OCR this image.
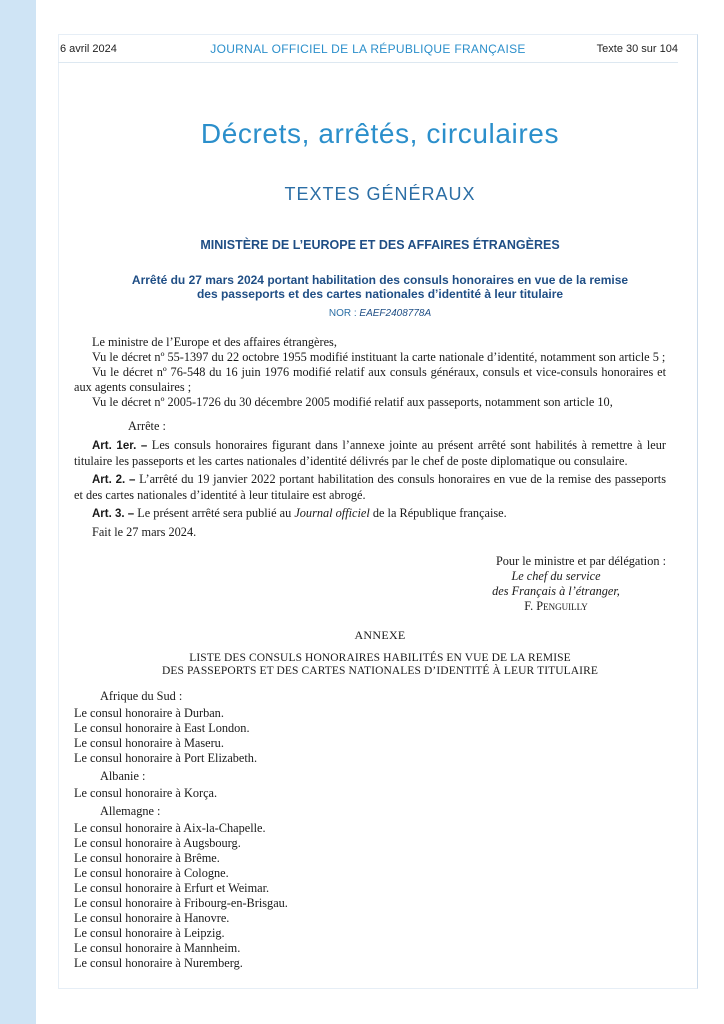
6 avril 2024	JOURNAL OFFICIEL DE LA RÉPUBLIQUE FRANÇAISE	Texte 30 sur 104
Décrets, arrêtés, circulaires
TEXTES GÉNÉRAUX
MINISTÈRE DE L’EUROPE ET DES AFFAIRES ÉTRANGÈRES
Arrêté du 27 mars 2024 portant habilitation des consuls honoraires en vue de la remise
des passeports et des cartes nationales d’identité à leur titulaire
NOR : EAEF2408778A

Le ministre de l’Europe et des affaires étrangères,

Vu le décret nº 55-1397 du 22 octobre 1955 modifié instituant la carte nationale d’identité, notamment son article 5 ;

Vu le décret nº 76-548 du 16 juin 1976 modifié relatif aux consuls généraux, consuls et vice-consuls honoraires et aux agents consulaires ;

Vu le décret nº 2005-1726 du 30 décembre 2005 modifié relatif aux passeports, notamment son article 10,

Arrête :

Art. 1er. – Les consuls honoraires figurant dans l’annexe jointe au présent arrêté sont habilités à remettre à leur titulaire les passeports et les cartes nationales d’identité délivrés par le chef de poste diplomatique ou consulaire.

Art. 2. – L’arrêté du 19 janvier 2022 portant habilitation des consuls honoraires en vue de la remise des passeports et des cartes nationales d’identité à leur titulaire est abrogé.

Art. 3. – Le présent arrêté sera publié au Journal officiel de la République française.

Fait le 27 mars 2024.

Pour le ministre et par délégation :
Le chef du service
des Français à l’étranger,
F. Penguilly
ANNEXE
LISTE DES CONSULS HONORAIRES HABILITÉS EN VUE DE LA REMISE
DES PASSEPORTS ET DES CARTES NATIONALES D’IDENTITÉ À LEUR TITULAIRE
Afrique du Sud :
Le consul honoraire à Durban.
Le consul honoraire à East London.
Le consul honoraire à Maseru.
Le consul honoraire à Port Elizabeth.
Albanie :
Le consul honoraire à Korça.
Allemagne :
Le consul honoraire à Aix-la-Chapelle.
Le consul honoraire à Augsbourg.
Le consul honoraire à Brême.
Le consul honoraire à Cologne.
Le consul honoraire à Erfurt et Weimar.
Le consul honoraire à Fribourg-en-Brisgau.
Le consul honoraire à Hanovre.
Le consul honoraire à Leipzig.
Le consul honoraire à Mannheim.
Le consul honoraire à Nuremberg.
